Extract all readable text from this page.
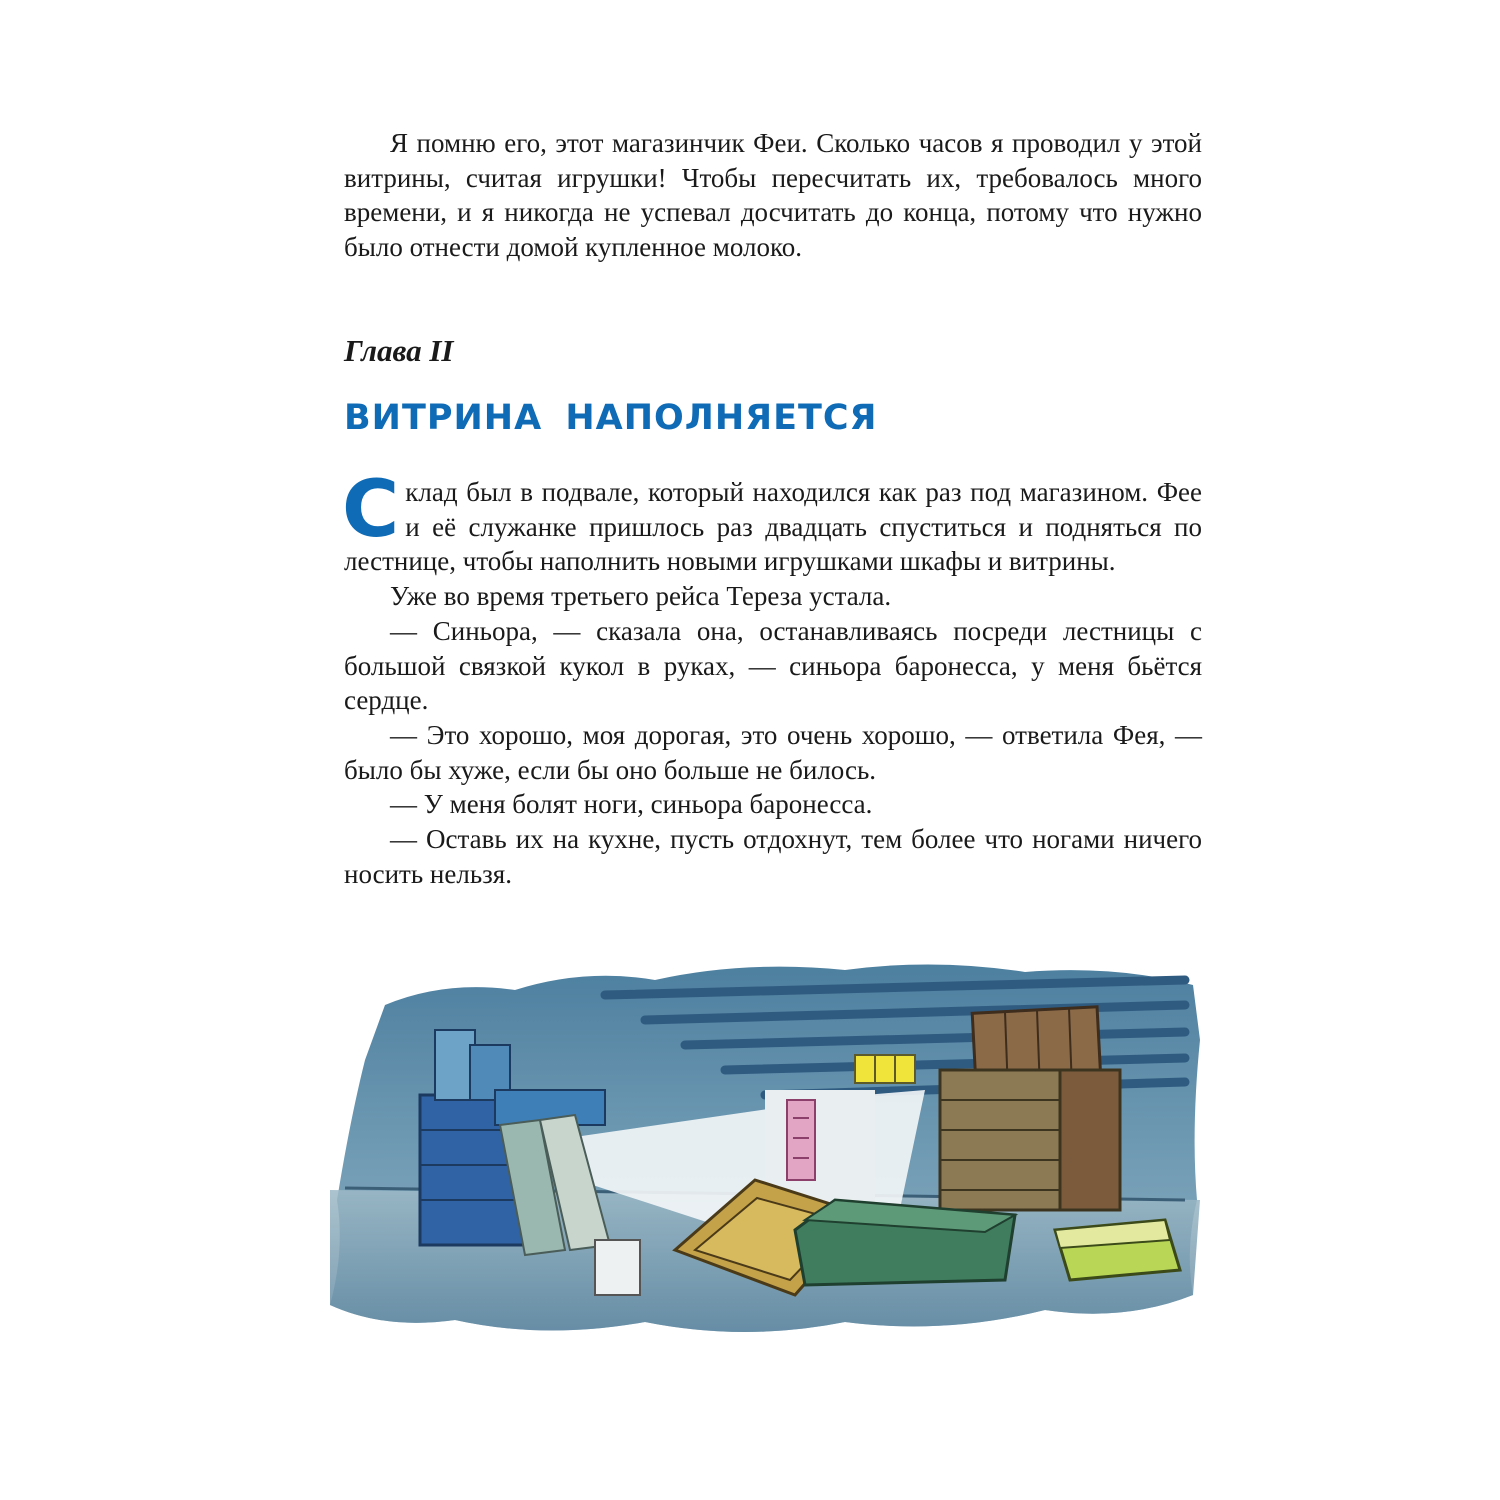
Я помню его, этот магазинчик Феи. Сколько часов я проводил у этой витрины, считая игрушки! Чтобы пересчитать их, требовалось много времени, и я никогда не успевал досчитать до конца, потому что нужно было отнести домой купленное молоко.

Глава II
ВИТРИНА НАПОЛНЯЕТСЯ

Склад был в подвале, который находился как раз под магазином. Фее и её служанке пришлось раз двадцать спуститься и подняться по лестнице, чтобы наполнить новыми игрушками шкафы и витрины.

Уже во время третьего рейса Тереза устала.

— Синьора, — сказала она, останавливаясь посреди лестницы с большой связкой кукол в руках, — синьора баронесса, у меня бьётся сердце.

— Это хорошо, моя дорогая, это очень хорошо, — ответила Фея, — было бы хуже, если бы оно больше не билось.

— У меня болят ноги, синьора баронесса.

— Оставь их на кухне, пусть отдохнут, тем более что ногами ничего носить нельзя.
